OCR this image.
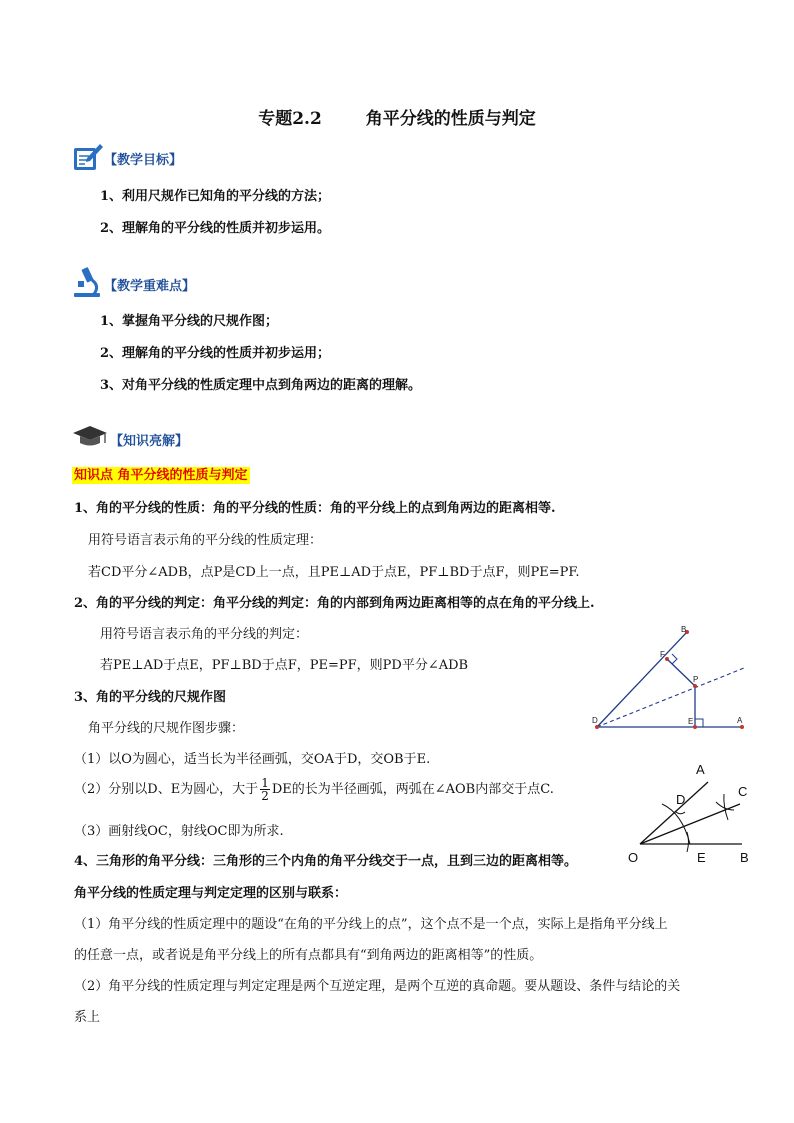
专题2.2	角平分线的性质与判定
【教学目标】
1、利用尺规作已知角的平分线的方法；
2、理解角的平分线的性质并初步运用。
【教学重难点】
1、掌握角平分线的尺规作图；
2、理解角的平分线的性质并初步运用；
3、对角平分线的性质定理中点到角两边的距离的理解。
【知识亮解】
知识点 角平分线的性质与判定
1、角的平分线的性质：角的平分线的性质：角的平分线上的点到角两边的距离相等.
用符号语言表示角的平分线的性质定理：
若CD平分∠ADB，点P是CD上一点，且PE⊥AD于点E，PF⊥BD于点F，则PE=PF.
2、角的平分线的判定：角平分线的判定：角的内部到角两边距离相等的点在角的平分线上.
用符号语言表示角的平分线的判定：
若PE⊥AD于点E，PF⊥BD于点F，PE=PF，则PD平分∠ADB
3、角的平分线的尺规作图
角平分线的尺规作图步骤：
（1）以O为圆心，适当长为半径画弧，交OA于D，交OB于E.
（2）分别以D、E为圆心，大于 $\frac{1}{2}$ DE的长为半径画弧，两弧在∠AOB内部交于点C.
（3）画射线OC，射线OC即为所求.
4、三角形的角平分线：三角形的三个内角的角平分线交于一点，且到三边的距离相等。
角平分线的性质定理与判定定理的区别与联系：
（1）角平分线的性质定理中的题设“在角的平分线上的点”，这个点不是一个点，实际上是指角平分线上
的任意一点，或者说是角平分线上的所有点都具有“到角两边的距离相等”的性质。
（2）角平分线的性质定理与判定定理是两个互逆定理，是两个互逆的真命题。要从题设、条件与结论的关
系上
B
F
P
D	E	A
A
D
C
O	E	B
